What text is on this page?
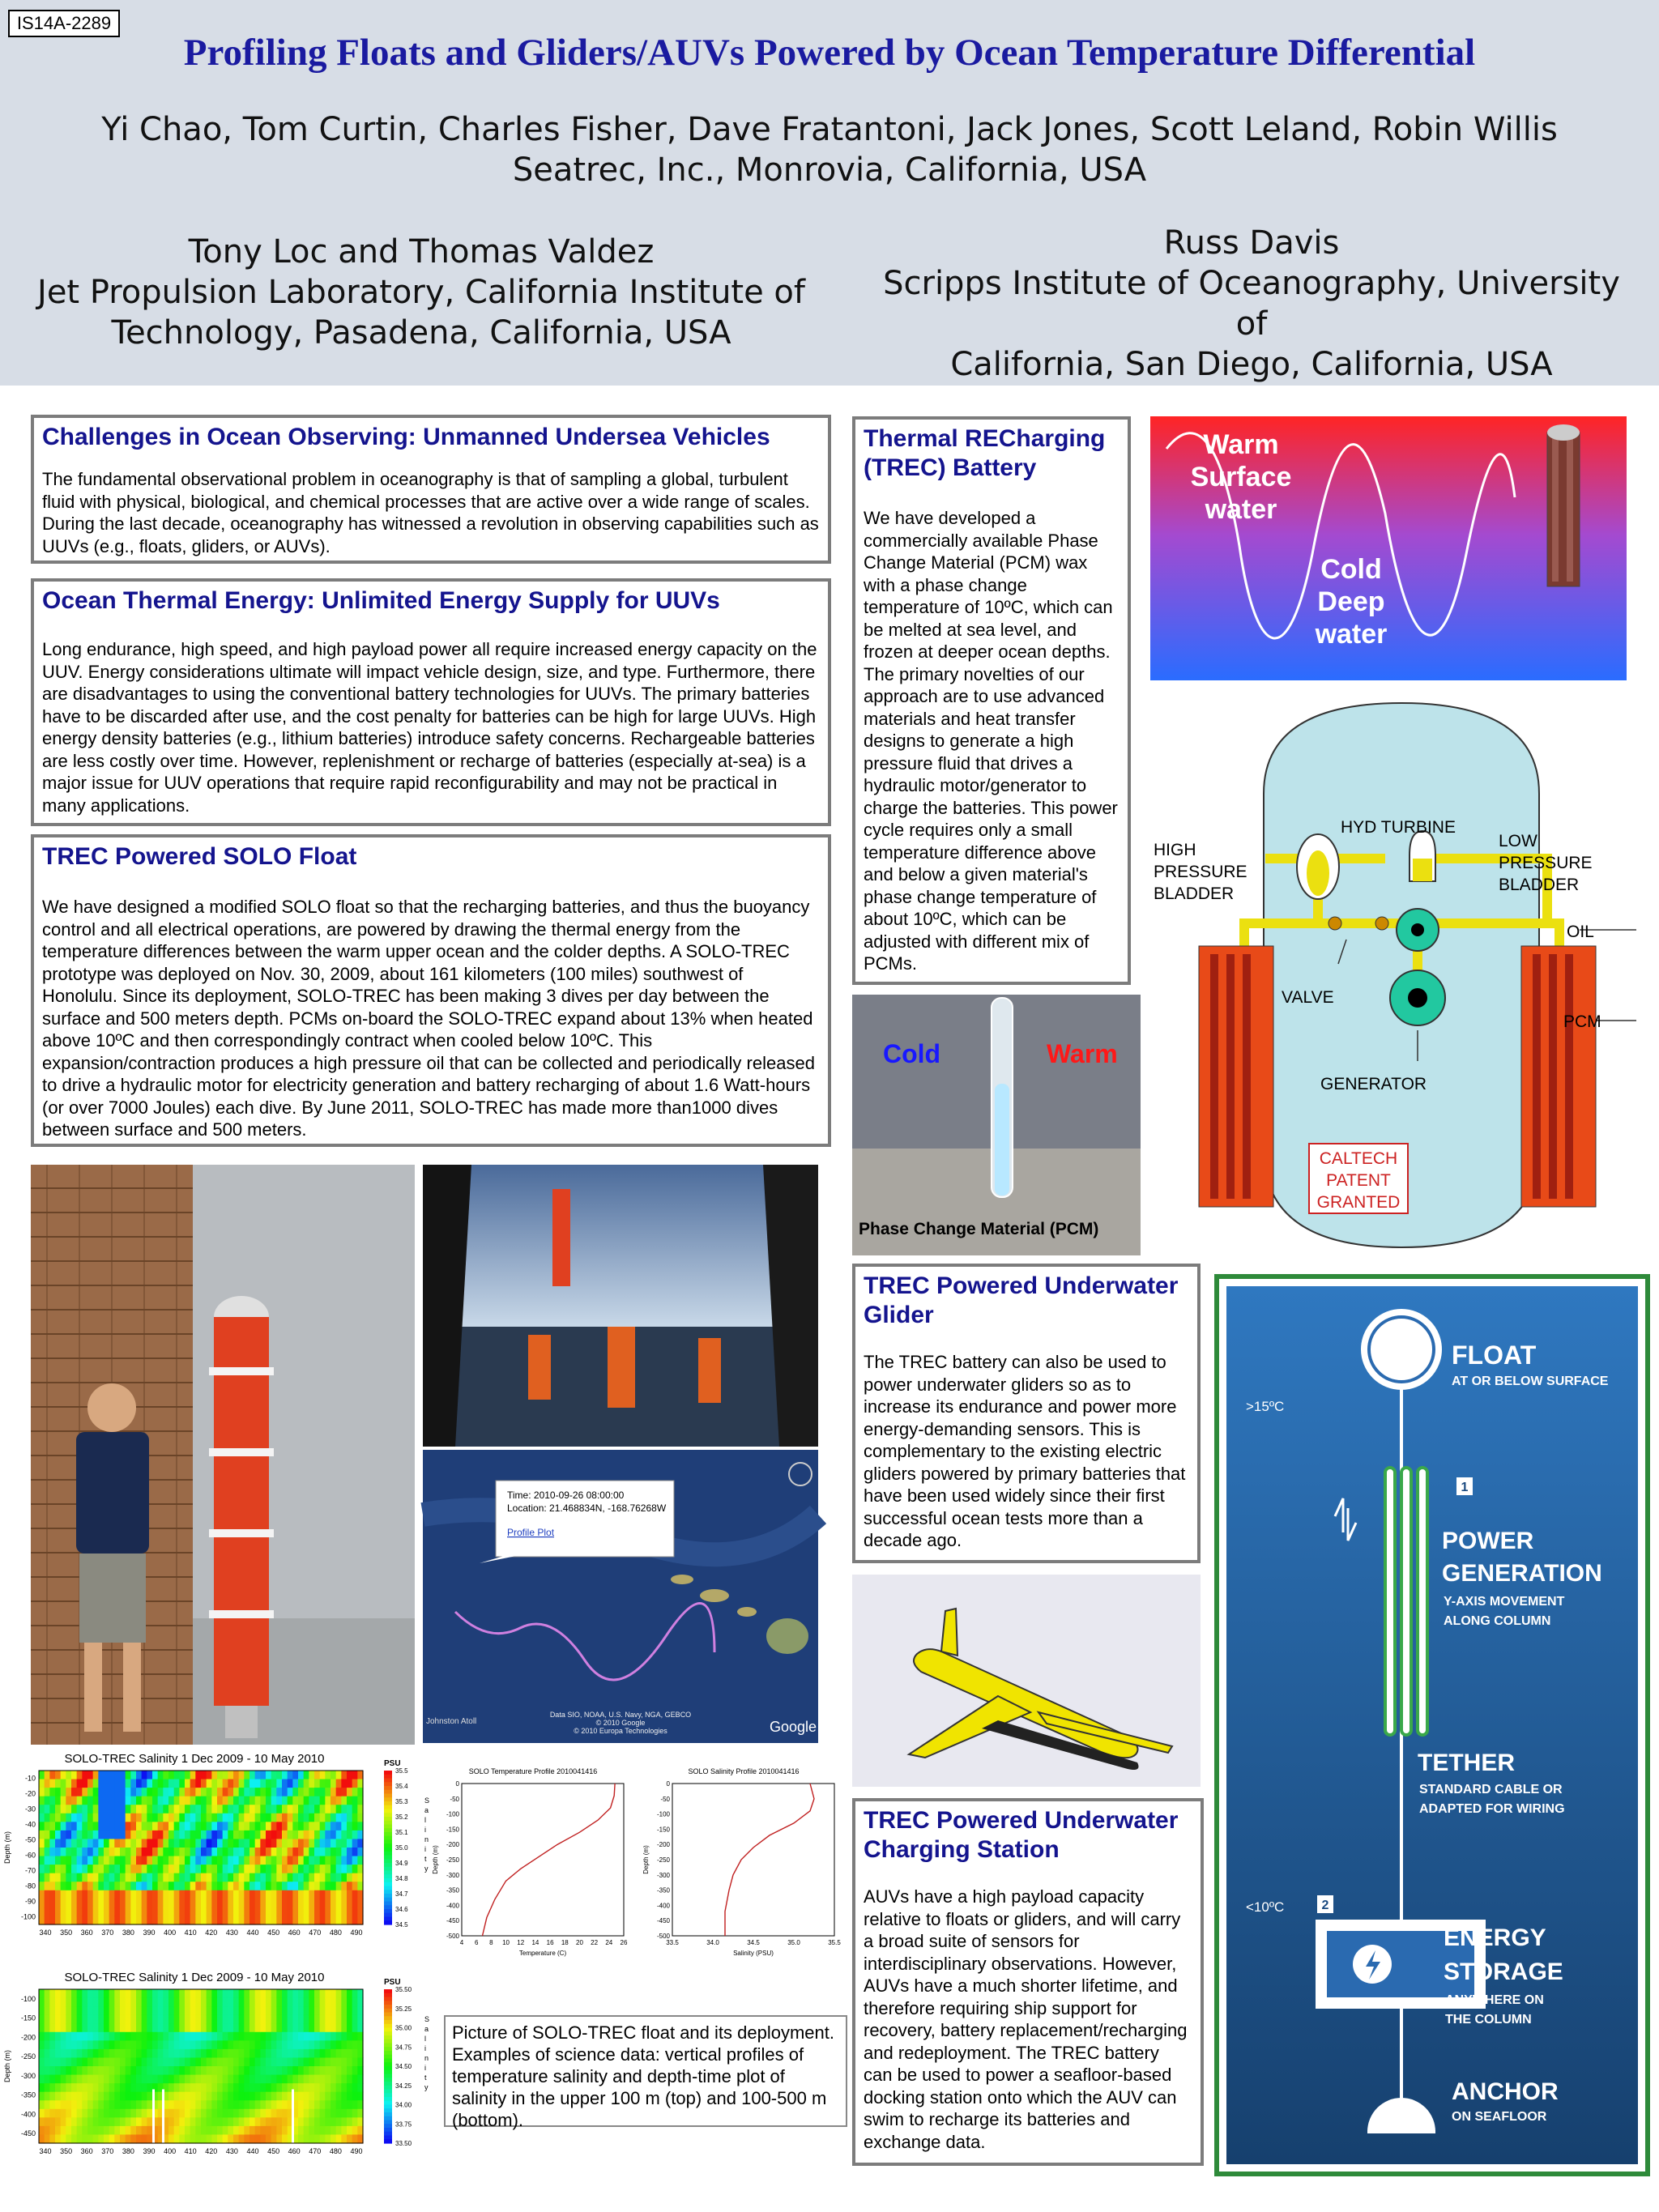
IS14A-2289
Profiling Floats and Gliders/AUVs Powered by Ocean Temperature Differential
Yi Chao, Tom Curtin, Charles Fisher, Dave Fratantoni, Jack Jones, Scott Leland, Robin Willis
Seatrec, Inc., Monrovia, California, USA
Tony Loc and Thomas Valdez
Jet Propulsion Laboratory, California Institute of
Technology, Pasadena, California, USA
Russ Davis
Scripps Institute of Oceanography, University of
California, San Diego, California, USA
Challenges in Ocean Observing: Unmanned Undersea Vehicles

The fundamental observational problem in oceanography is that of sampling a global, turbulent fluid with physical, biological, and chemical processes that are active over a wide range of scales. During the last decade, oceanography has witnessed a revolution in observing capabilities such as UUVs (e.g., floats, gliders, or AUVs).

Ocean Thermal Energy: Unlimited Energy Supply for UUVs

Long endurance, high speed, and high payload power all require increased energy capacity on the UUV. Energy considerations ultimate will impact vehicle design, size, and type. Furthermore, there are disadvantages to using the conventional battery technologies for UUVs. The primary batteries have to be discarded after use, and the cost penalty for batteries can be high for large UUVs. High energy density batteries (e.g., lithium batteries) introduce safety concerns. Rechargeable batteries are less costly over time. However, replenishment or recharge of batteries (especially at-sea) is a major issue for UUV operations that require rapid reconfigurability and may not be practical in many applications.

TREC Powered SOLO Float

We have designed a modified SOLO float so that the recharging batteries, and thus the buoyancy control and all electrical operations, are powered by drawing the thermal energy from the temperature differences between the warm upper ocean and the colder depths. A SOLO-TREC prototype was deployed on Nov. 30, 2009, about 161 kilometers (100 miles) southwest of Honolulu. Since its deployment, SOLO-TREC has been making 3 dives per day between the surface and 500 meters depth. PCMs on-board the SOLO-TREC expand about 13% when heated above 10ºC and then correspondingly contract when cooled below 10ºC. This expansion/contraction produces a high pressure oil that can be collected and periodically released to drive a hydraulic motor for electricity generation and battery recharging of about 1.6 Watt-hours (or over 7000 Joules) each dive. By June 2011, SOLO-TREC has made more than1000 dives between surface and 500 meters.

Thermal RECharging (TREC) Battery

We have developed a commercially available Phase Change Material (PCM) wax with a phase change temperature of 10ºC, which can be melted at sea level, and frozen at deeper ocean depths. The primary novelties of our approach are to use advanced materials and heat transfer designs to generate a high pressure fluid that drives a hydraulic motor/generator to charge the batteries. This power cycle requires only a small temperature difference above and below a given material's phase change temperature of about 10ºC, which can be adjusted with different mix of PCMs.

TREC Powered Underwater Glider

The TREC battery can also be used to power underwater gliders so as to increase its endurance and power more energy-demanding sensors. This is complementary to the existing electric gliders powered by primary batteries that have been used widely since their first successful ocean tests more than a decade ago.

TREC Powered Underwater Charging Station

AUVs have a high payload capacity relative to floats or gliders, and will carry a broad suite of sensors for interdisciplinary observations. However, AUVs have a much shorter lifetime, and therefore requiring ship support for recovery, battery replacement/recharging and redeployment. The TREC battery can be used to power a seafloor-based docking station onto which the AUV can swim to recharge its batteries and exchange data.

Warm
Surface
water
Cold
Deep
water
CALTECH
PATENT
GRANTED
HYD TURBINE
HIGH
PRESSURE
BLADDER
LOW
PRESSURE
BLADDER
OIL
VALVE
PCM
GENERATOR
Cold	Warm
Phase Change Material (PCM)
Time: 2010-09-26 08:00:00
Location: 21.468834N, -168.76268W
Profile Plot
Johnston Atoll
Data SIO, NOAA, U.S. Navy, NGA, GEBCO
© 2010 Google
© 2010 Europa Technologies	Google
SOLO-TREC Salinity 1 Dec 2009 - 10 May 2010
-10
-20
-30
-40
-50
-60
-70
-80
-90
-100
Depth (m)
340 350 360 370 380 390 400 410 420 430 440 450 460 470 480 490
PSU
35.5
35.4
35.3
35.2
35.1
35.0
34.9
34.8
34.7
34.6
34.5
S
a
l
i
n
i
t
y
SOLO-TREC Salinity 1 Dec 2009 - 10 May 2010
-100
-150
-200
-250
-300
-350
-400
-450
Depth (m)
340 350 360 370 380 390 400 410 420 430 440 450 460 470 480 490
PSU
35.50
35.25
35.00
34.75
34.50
34.25
34.00
33.75
33.50
S
a
l
i
n
i
t
y
SOLO Temperature Profile 2010041416
0
-50
-100
-150
-200
-250
-300
-350
-400
-450
-500
4 6 8 10 12 14 16 18 20 22 24 26
Temperature (C)
Depth (m)
SOLO Salinity Profile 2010041416
0
-50
-100
-150
-200
-250
-300
-350
-400
-450
-500
33.5	34.0	34.5	35.0	35.5
Salinity (PSU)
Depth (m)
Picture of SOLO-TREC float and its deployment. Examples of science data: vertical profiles of temperature salinity and depth-time plot of salinity in the upper 100 m (top) and 100-500 m (bottom).
1
2
FLOAT
AT OR BELOW SURFACE
>15ºC
POWER
GENERATION
Y-AXIS MOVEMENT
ALONG COLUMN
TETHER
STANDARD CABLE OR
ADAPTED FOR WIRING
<10ºC
ENERGY
STORAGE
ANYWHERE ON
THE COLUMN
ANCHOR
ON SEAFLOOR
